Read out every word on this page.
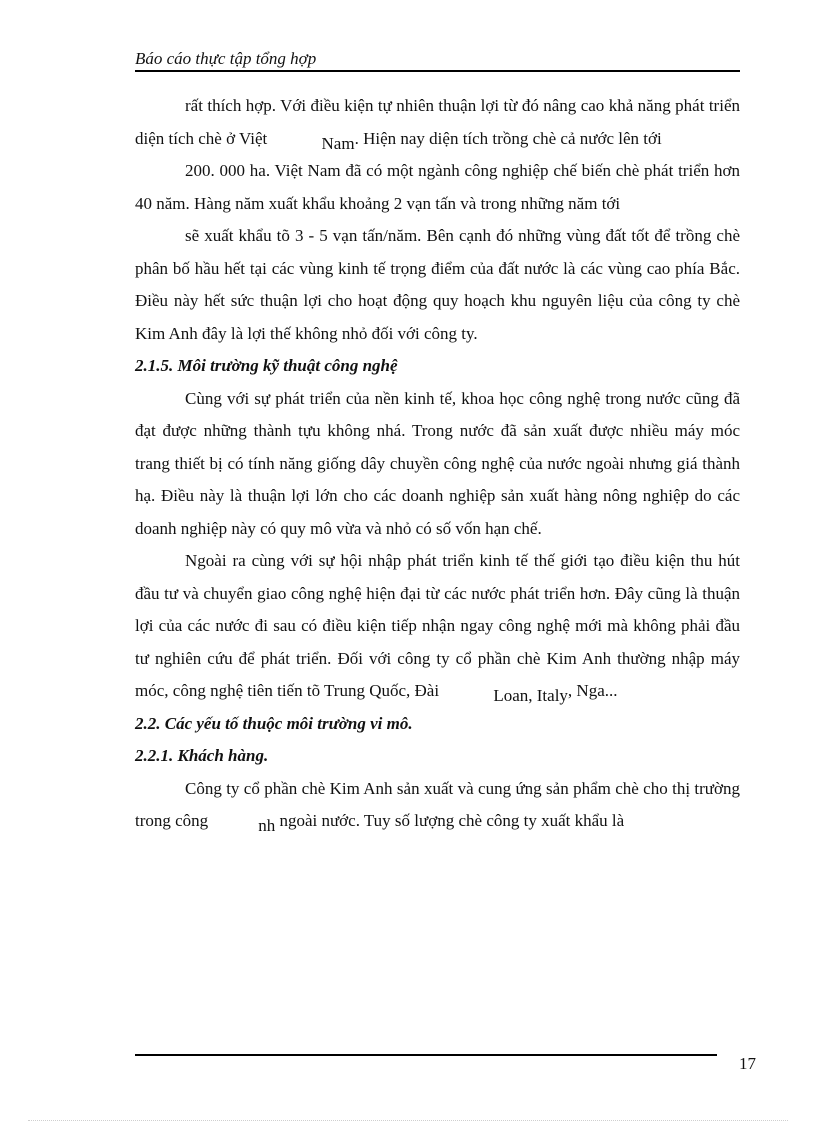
Báo cáo thực tập tổng hợp

rất thích hợp. Với điều kiện tự nhiên thuận lợi từ đó nâng cao khả năng phát triển diện tích chè ở Việt	Nam. Hiện nay diện tích trồng chè cả nước lên tới

200. 000 ha. Việt Nam đã có một ngành công nghiệp chế biến chè phát triển hơn 40 năm. Hàng năm xuất khẩu khoảng 2 vạn tấn và trong những năm tới

sẽ xuất khẩu tõ 3 - 5 vạn tấn/năm. Bên cạnh đó những vùng đất tốt để trồng chè phân bố hầu hết tại các vùng kinh tế trọng điểm của đất nước là các vùng cao phía Bắc. Điều này hết sức thuận lợi cho hoạt động quy hoạch khu nguyên liệu của công ty chè Kim Anh đây là lợi thế không nhỏ đối với công ty.

2.1.5. Môi trường kỹ thuật công nghệ

Cùng với sự phát triển của nền kinh tế, khoa học công nghệ trong nước cũng đã đạt được những thành tựu không nhá. Trong nước đã sản xuất được nhiều máy móc trang thiết bị có tính năng giống dây chuyền công nghệ của nước ngoài nhưng giá thành hạ. Điều này là thuận lợi lớn cho các doanh nghiệp sản xuất hàng nông nghiệp do các doanh nghiệp này có quy mô vừa và nhỏ có số vốn hạn chế.

Ngoài ra cùng với sự hội nhập phát triển kinh tế thế giới tạo điều kiện thu hút đầu tư và chuyển giao công nghệ hiện đại từ các nước phát triển hơn. Đây cũng là thuận lợi của các nước đi sau có điều kiện tiếp nhận ngay công nghệ mới mà không phải đầu tư nghiên cứu để phát triển. Đối với công ty cổ phần chè Kim Anh thường nhập máy móc, công nghệ tiên tiến tõ Trung Quốc, Đài	Loan, Italy, Nga...

2.2. Các yếu tố thuộc môi trường vi mô.
2.2.1. Khách hàng.

Công ty cổ phần chè Kim Anh sản xuất và cung ứng sản phẩm chè cho thị trường trong công	nh ngoài nước. Tuy số lượng chè công ty xuất khẩu là

17
